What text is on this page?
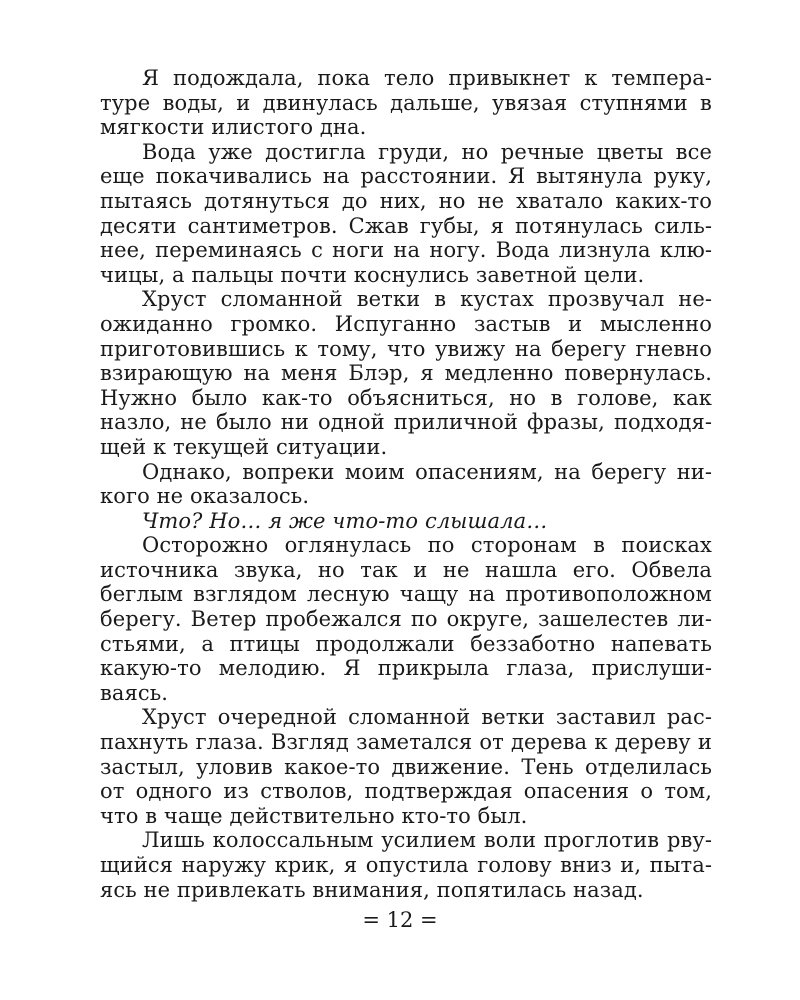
Я подождала, пока тело привыкнет к температуре воды, и двинулась дальше, увязая ступнями в мягкости илистого дна.

Вода уже достигла груди, но речные цветы все еще покачивались на расстоянии. Я вытянула руку, пытаясь дотянуться до них, но не хватало каких-то десяти сантиметров. Сжав губы, я потянулась сильнее, переминаясь с ноги на ногу. Вода лизнула ключицы, а пальцы почти коснулись заветной цели.

Хруст сломанной ветки в кустах прозвучал неожиданно громко. Испуганно застыв и мысленно приготовившись к тому, что увижу на берегу гневно взирающую на меня Блэр, я медленно повернулась. Нужно было как-то объясниться, но в голове, как назло, не было ни одной приличной фразы, подходящей к текущей ситуации.

Однако, вопреки моим опасениям, на берегу никого не оказалось.

Что? Но… я же что-то слышала…

Осторожно оглянулась по сторонам в поисках источника звука, но так и не нашла его. Обвела беглым взглядом лесную чащу на противоположном берегу. Ветер пробежался по округе, зашелестев листьями, а птицы продолжали беззаботно напевать какую-то мелодию. Я прикрыла глаза, прислушиваясь.

Хруст очередной сломанной ветки заставил распахнуть глаза. Взгляд заметался от дерева к дереву и застыл, уловив какое-то движение. Тень отделилась от одного из стволов, подтверждая опасения о том, что в чаще действительно кто-то был.

Лишь колоссальным усилием воли проглотив рвущийся наружу крик, я опустила голову вниз и, пытаясь не привлекать внимания, попятилась назад.

= 12 =
